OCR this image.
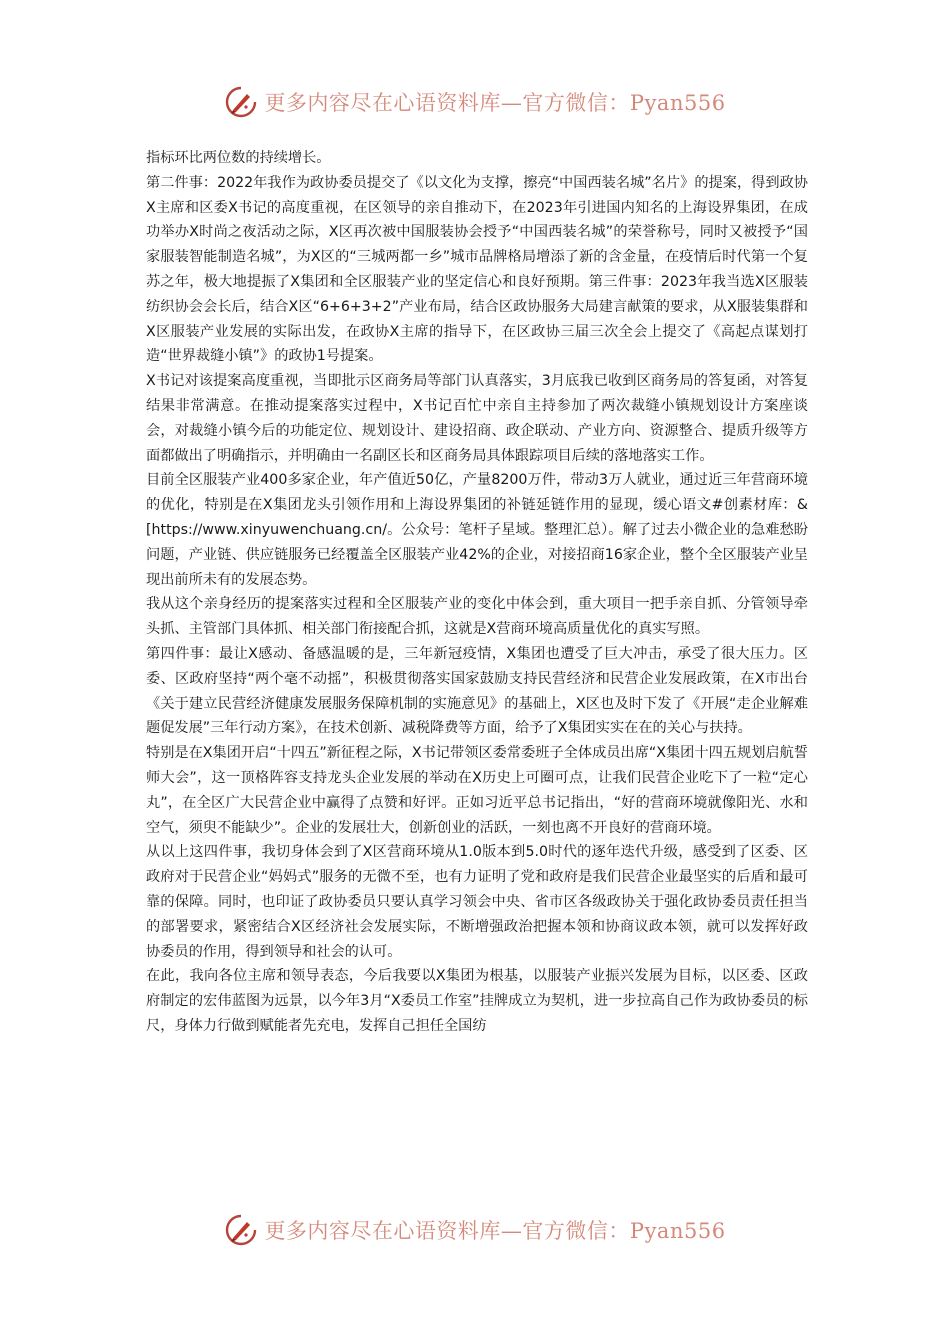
更多内容尽在心语资料库—官方微信：Pyan556

指标环比两位数的持续增长。

第二件事：2022年我作为政协委员提交了《以文化为支撑，擦亮“中国西装名城”名片》的提案，得到政协X主席和区委X书记的高度重视，在区领导的亲自推动下，在2023年引进国内知名的上海设界集团，在成功举办X时尚之夜活动之际，X区再次被中国服装协会授予“中国西装名城”的荣誉称号，同时又被授予“国家服装智能制造名城”，为X区的“三城两都一乡”城市品牌格局增添了新的含金量，在疫情后时代第一个复苏之年，极大地提振了X集团和全区服装产业的坚定信心和良好预期。第三件事：2023年我当选X区服装纺织协会会长后，结合X区“6+6+3+2”产业布局，结合区政协服务大局建言献策的要求，从X服装集群和X区服装产业发展的实际出发，在政协X主席的指导下，在区政协三届三次全会上提交了《高起点谋划打造“世界裁缝小镇”》的政协1号提案。

X书记对该提案高度重视，当即批示区商务局等部门认真落实，3月底我已收到区商务局的答复函，对答复结果非常满意。在推动提案落实过程中，X书记百忙中亲自主持参加了两次裁缝小镇规划设计方案座谈会，对裁缝小镇今后的功能定位、规划设计、建设招商、政企联动、产业方向、资源整合、提质升级等方面都做出了明确指示，并明确由一名副区长和区商务局具体跟踪项目后续的落地落实工作。

目前全区服装产业400多家企业，年产值近50亿，产量8200万件，带动3万人就业，通过近三年营商环境的优化，特别是在X集团龙头引领作用和上海设界集团的补链延链作用的显现，缓心语文#创素材库：&[https://www.xinyuwenchuang.cn/。公众号：笔杆子星域。整理汇总）。解了过去小微企业的急难愁盼问题，产业链、供应链服务已经覆盖全区服装产业42%的企业，对接招商16家企业，整个全区服装产业呈现出前所未有的发展态势。

我从这个亲身经历的提案落实过程和全区服装产业的变化中体会到，重大项目一把手亲自抓、分管领导牵头抓、主管部门具体抓、相关部门衔接配合抓，这就是X营商环境高质量优化的真实写照。

第四件事：最让X感动、备感温暖的是，三年新冠疫情，X集团也遭受了巨大冲击，承受了很大压力。区委、区政府坚持“两个毫不动摇”，积极贯彻落实国家鼓励支持民营经济和民营企业发展政策，在X市出台《关于建立民营经济健康发展服务保障机制的实施意见》的基础上，X区也及时下发了《开展“走企业解难题促发展”三年行动方案》，在技术创新、减税降费等方面，给予了X集团实实在在的关心与扶持。

特别是在X集团开启“十四五”新征程之际，X书记带领区委常委班子全体成员出席“X集团十四五规划启航誓师大会”，这一顶格阵容支持龙头企业发展的举动在X历史上可圈可点，让我们民营企业吃下了一粒“定心丸”，在全区广大民营企业中赢得了点赞和好评。正如习近平总书记指出，“好的营商环境就像阳光、水和空气，须臾不能缺少”。企业的发展壮大，创新创业的活跃，一刻也离不开良好的营商环境。

从以上这四件事，我切身体会到了X区营商环境从1.0版本到5.0时代的逐年迭代升级，感受到了区委、区政府对于民营企业“妈妈式”服务的无微不至，也有力证明了党和政府是我们民营企业最坚实的后盾和最可靠的保障。同时，也印证了政协委员只要认真学习领会中央、省市区各级政协关于强化政协委员责任担当的部署要求，紧密结合X区经济社会发展实际，不断增强政治把握本领和协商议政本领，就可以发挥好政协委员的作用，得到领导和社会的认可。

在此，我向各位主席和领导表态，今后我要以X集团为根基，以服装产业振兴发展为目标，以区委、区政府制定的宏伟蓝图为远景，以今年3月“X委员工作室”挂牌成立为契机，进一步拉高自己作为政协委员的标尺，身体力行做到赋能者先充电，发挥自己担任全国纺

更多内容尽在心语资料库—官方微信：Pyan556
